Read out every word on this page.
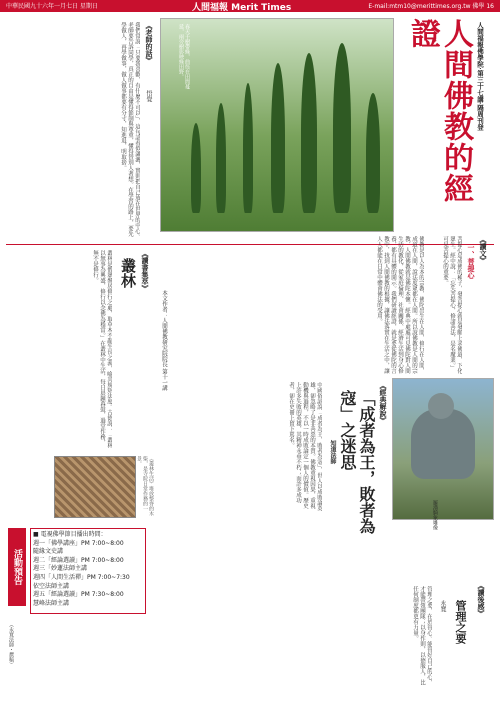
中華民國九十六年一月七日 星期日	人間福報 Merit Times	E-mail:mtm10@merittimes.org.tw 佛學 16
春天千樹帶綠，曲徑在田間蔓延，兩旁樹影映綠田野。	人間佛教的經證	人間福報佛學院‧第三十七講‧隔周刊登
《老師的話》
悟覺
我們常說「只要我喜歡，有什麼不可以」，這句話看似瀟灑，實則把自己放在世界的中心。老師要告訴同學，真正的自由是懂得節制與尊重，懂得替別人著想。在學習的路上，要先學做人，再學做事，做人做事都要有分寸，知進退，明取捨。
《讀書集萃》
叢林
叢林是僧眾聚居修行之處，取草木不亂生長之義，喻其規矩法度。古德說：「叢林以無事為興盛，修行以念佛為穩當。」在叢林中生活，每日晨鐘暮鼓，過堂作務，無不是修行。	佛教是以人為本的宗教，佛陀出生在人間，修行在人間，成道在人間，說法度眾都在人間。所以說佛教是人間的宗教，人間佛教就是佛陀本懷。經典中處處可見佛陀對人間生活的教化，從家庭倫理、社會關係、經濟生活到身心修養，都有具體的開示。我們研讀經證，就是要從佛陀的言教中，找到人間佛教的根據，讓佛法落實在生活之中，讓人人都能在日常中體會佛法的受用。
本文作者：人間佛教研究院院長 第十一講
《讀文》
一、菩提心
菩提心是成佛的種子，發菩提心就是發願上求佛道，下化眾生。經中說：「忘失菩提心，修諸善法，是名魔業。」可見菩提心的重要。
《經典解說》
「成者為王，敗者為寇」之迷思
知道法師
中國俗諺說「成者為王，敗者為寇」，世人以成敗論英雄，卻忽略了是非善惡的本質。佛教重視因果，重視動機與過程，不以一時成敗論定一個人的價值。歷史上許多失敗的英雄，其精神永垂不朽；而許多成功者，卻在史冊上留下罵名。
羅漢騎象雕像
《叢林生活》堆放整齊的木柴，是寺院日常作務的一景。
活動預告
■ 電視佛學節目播出時間：
週一「佛學講座」PM 7:00~8:00
隨緣文史講
週二「經論選讀」PM 7:00~8:00
週三「妙蓮法師主講
週四「人間生活禪」PM 7:00~7:30
依空法師主講
週五「經論選讀」PM 7:30~8:00
慧峰法師主講	《讀後感》
管理之要
永寬
管理之要，在於管心。能管好自己的心，才能帶領團隊；以身作則，以德服人，比任何制度都更有力量。
（永寬法師・撰稿）
